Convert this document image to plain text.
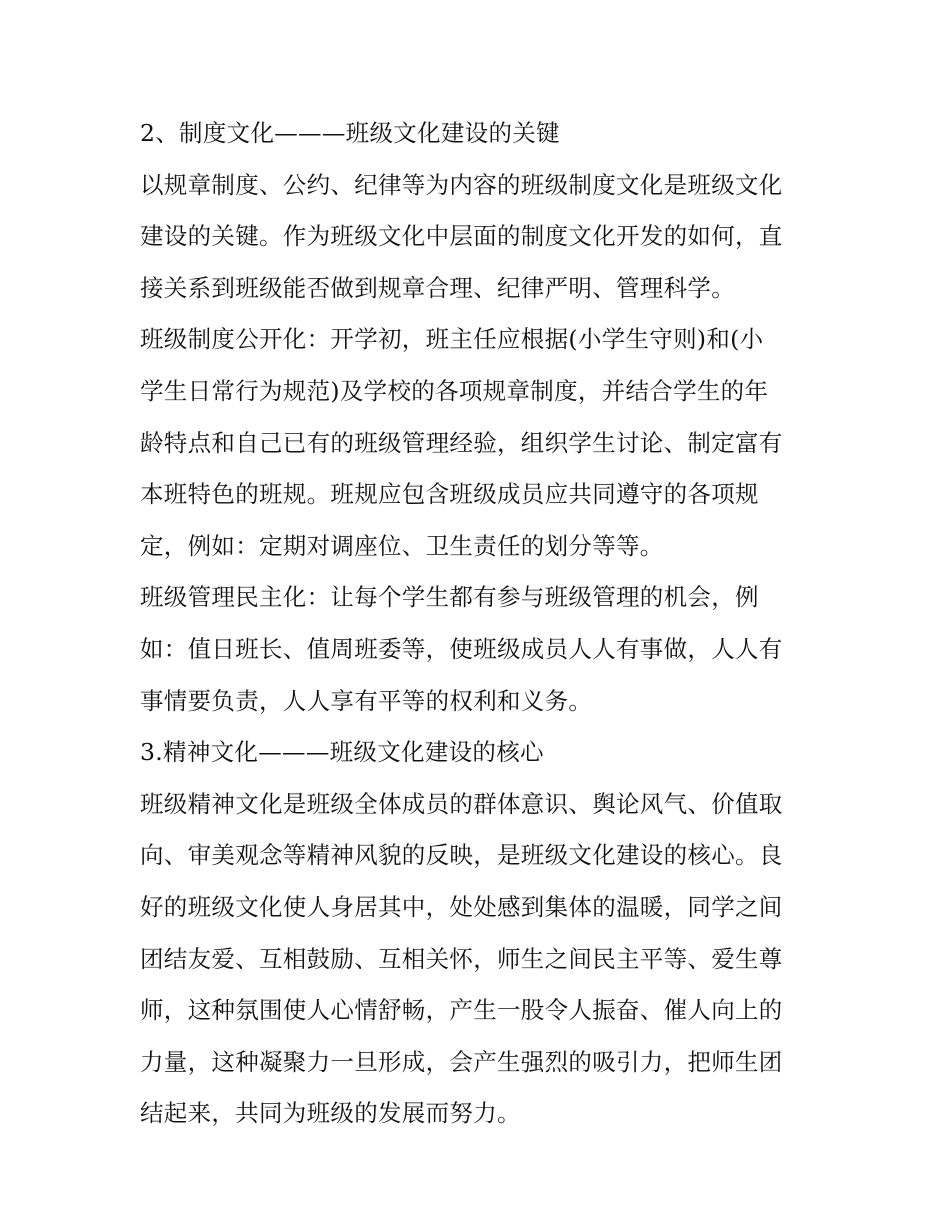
2、制度文化———班级文化建设的关键
以规章制度、公约、纪律等为内容的班级制度文化是班级文化
建设的关键。作为班级文化中层面的制度文化开发的如何，直
接关系到班级能否做到规章合理、纪律严明、管理科学。
班级制度公开化：开学初，班主任应根据(小学生守则)和(小
学生日常行为规范)及学校的各项规章制度，并结合学生的年
龄特点和自己已有的班级管理经验，组织学生讨论、制定富有
本班特色的班规。班规应包含班级成员应共同遵守的各项规
定，例如：定期对调座位、卫生责任的划分等等。
班级管理民主化：让每个学生都有参与班级管理的机会，例
如：值日班长、值周班委等，使班级成员人人有事做，人人有
事情要负责，人人享有平等的权利和义务。
3.精神文化———班级文化建设的核心
班级精神文化是班级全体成员的群体意识、舆论风气、价值取
向、审美观念等精神风貌的反映，是班级文化建设的核心。良
好的班级文化使人身居其中，处处感到集体的温暖，同学之间
团结友爱、互相鼓励、互相关怀，师生之间民主平等、爱生尊
师，这种氛围使人心情舒畅，产生一股令人振奋、催人向上的
力量，这种凝聚力一旦形成，会产生强烈的吸引力，把师生团
结起来，共同为班级的发展而努力。
